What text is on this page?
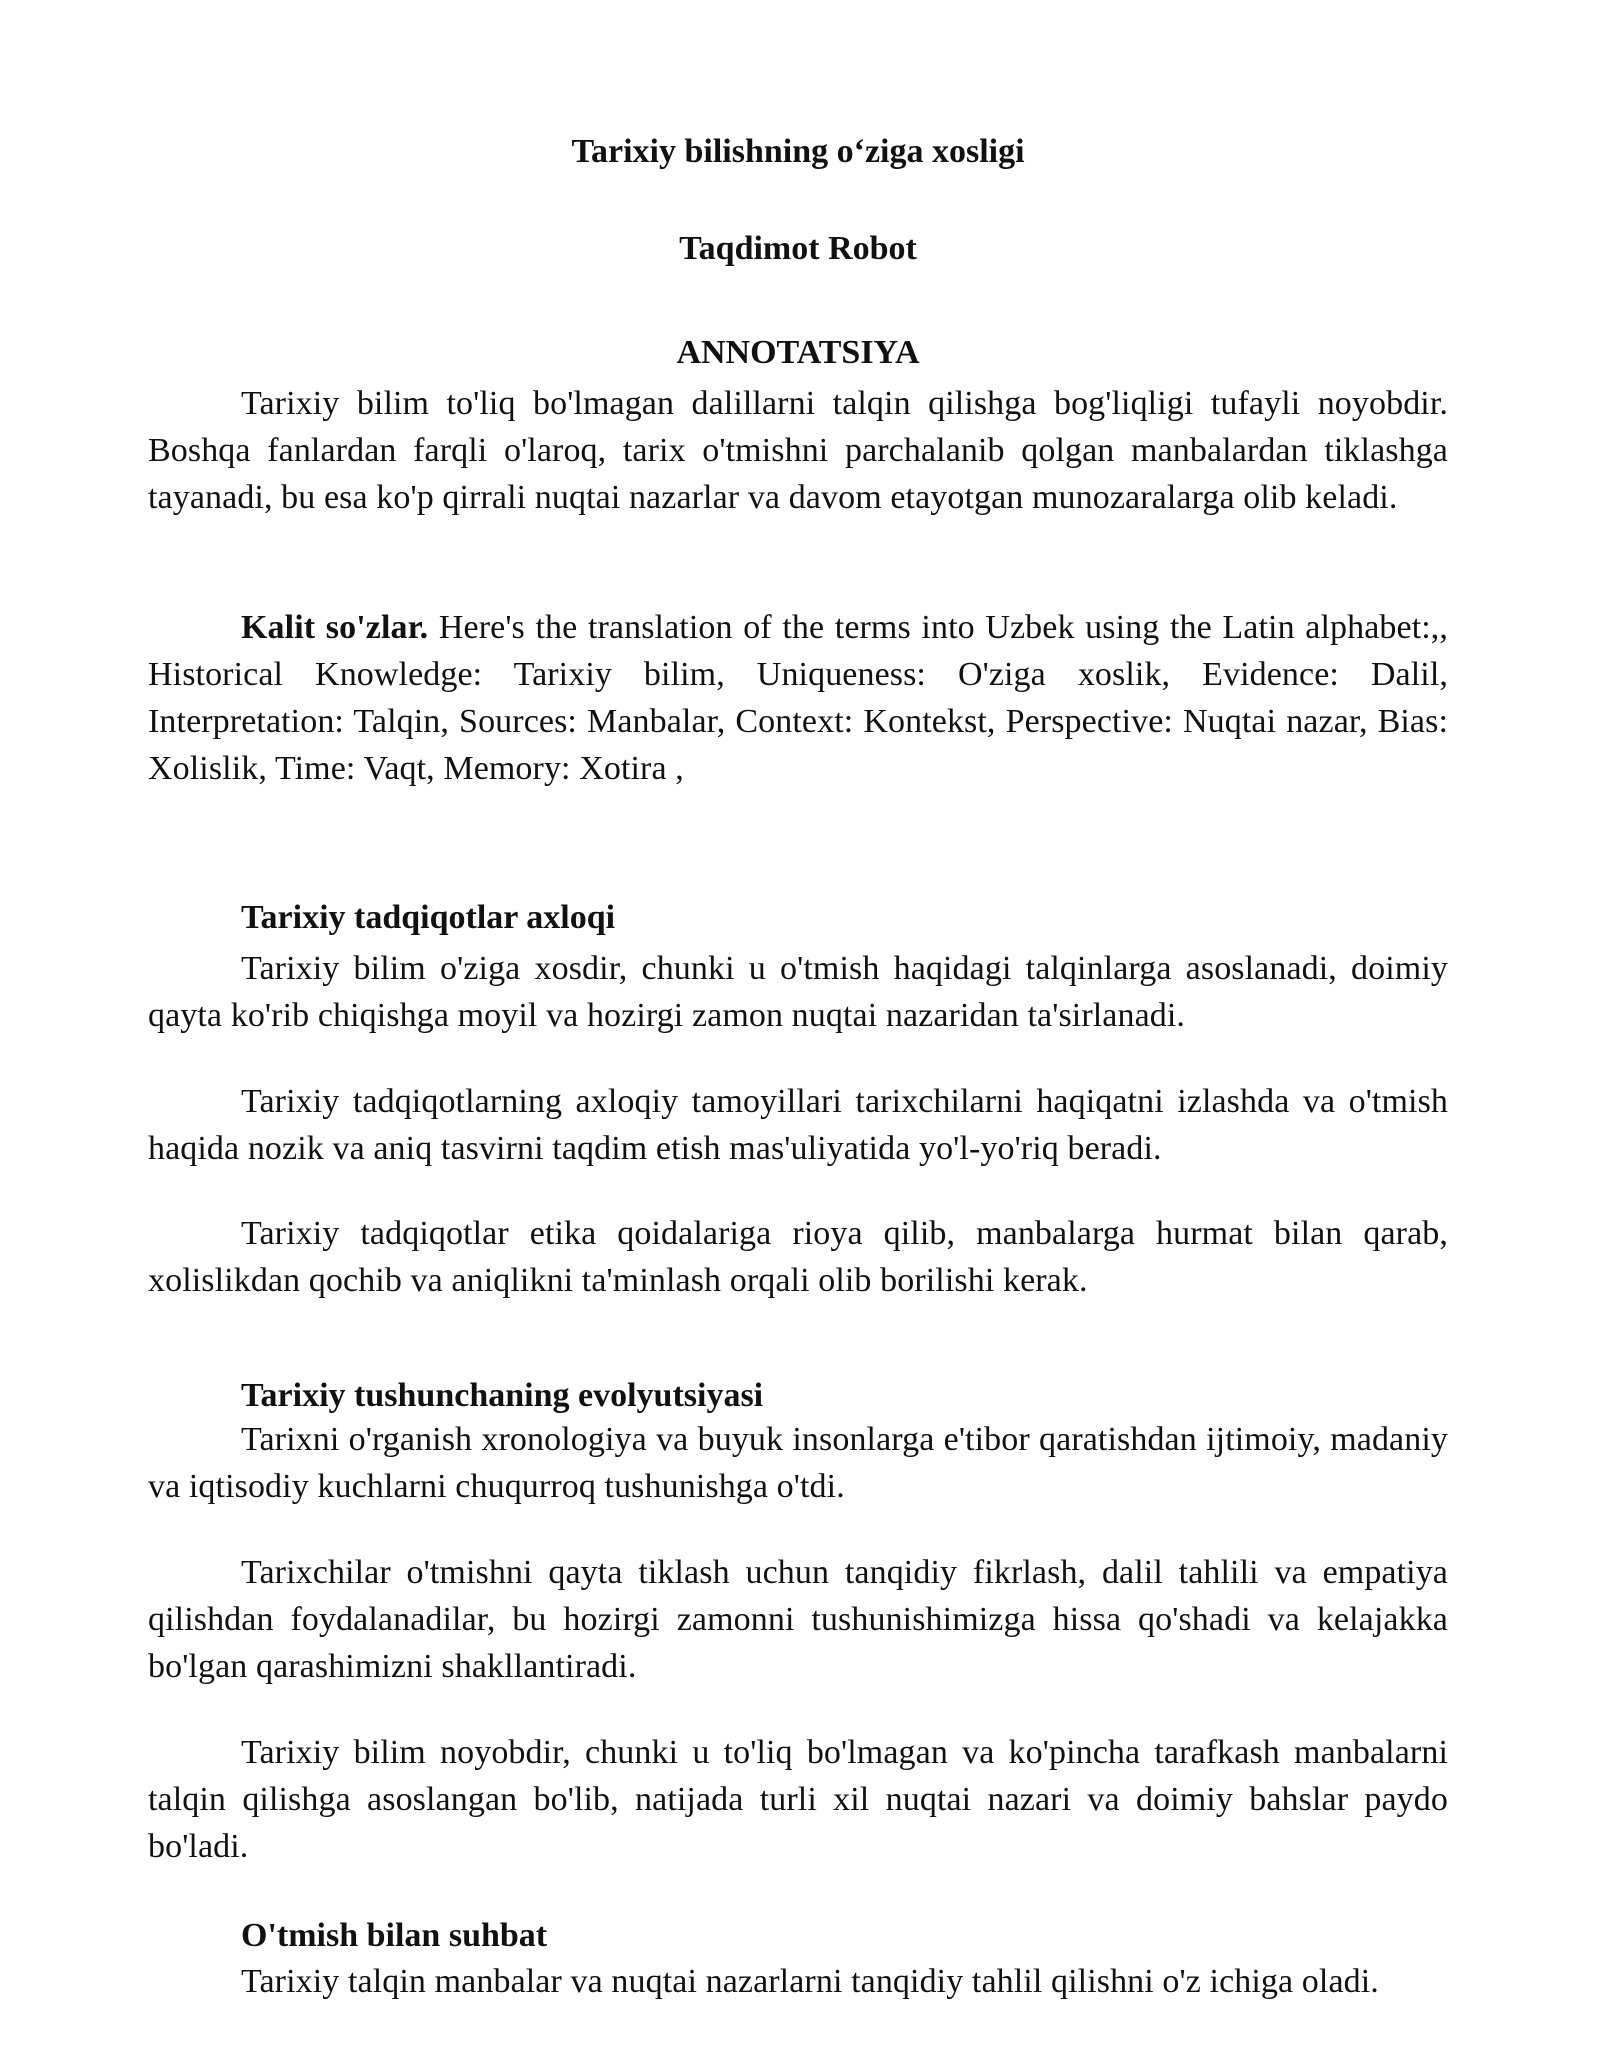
Tarixiy bilishning o‘ziga xosligi
Taqdimot Robot
ANNOTATSIYA

Tarixiy bilim to'liq bo'lmagan dalillarni talqin qilishga bog'liqligi tufayli noyobdir. Boshqa fanlardan farqli o'laroq, tarix o'tmishni parchalanib qolgan manbalardan tiklashga tayanadi, bu esa ko'p qirrali nuqtai nazarlar va davom etayotgan munozaralarga olib keladi.

Kalit so'zlar. Here's the translation of the terms into Uzbek using the Latin alphabet:,, Historical Knowledge: Tarixiy bilim, Uniqueness: O'ziga xoslik, Evidence: Dalil, Interpretation: Talqin, Sources: Manbalar, Context: Kontekst, Perspective: Nuqtai nazar, Bias: Xolislik, Time: Vaqt, Memory: Xotira ,

Tarixiy tadqiqotlar axloqi

Tarixiy bilim o'ziga xosdir, chunki u o'tmish haqidagi talqinlarga asoslanadi, doimiy qayta ko'rib chiqishga moyil va hozirgi zamon nuqtai nazaridan ta'sirlanadi.

Tarixiy tadqiqotlarning axloqiy tamoyillari tarixchilarni haqiqatni izlashda va o'tmish haqida nozik va aniq tasvirni taqdim etish mas'uliyatida yo'l-yo'riq beradi.

Tarixiy tadqiqotlar etika qoidalariga rioya qilib, manbalarga hurmat bilan qarab, xolislikdan qochib va aniqlikni ta'minlash orqali olib borilishi kerak.

Tarixiy tushunchaning evolyutsiyasi

Tarixni o'rganish xronologiya va buyuk insonlarga e'tibor qaratishdan ijtimoiy, madaniy va iqtisodiy kuchlarni chuqurroq tushunishga o'tdi.

Tarixchilar o'tmishni qayta tiklash uchun tanqidiy fikrlash, dalil tahlili va empatiya qilishdan foydalanadilar, bu hozirgi zamonni tushunishimizga hissa qo'shadi va kelajakka bo'lgan qarashimizni shakllantiradi.

Tarixiy bilim noyobdir, chunki u to'liq bo'lmagan va ko'pincha tarafkash manbalarni talqin qilishga asoslangan bo'lib, natijada turli xil nuqtai nazari va doimiy bahslar paydo bo'ladi.

O'tmish bilan suhbat

Tarixiy talqin manbalar va nuqtai nazarlarni tanqidiy tahlil qilishni o'z ichiga oladi.
